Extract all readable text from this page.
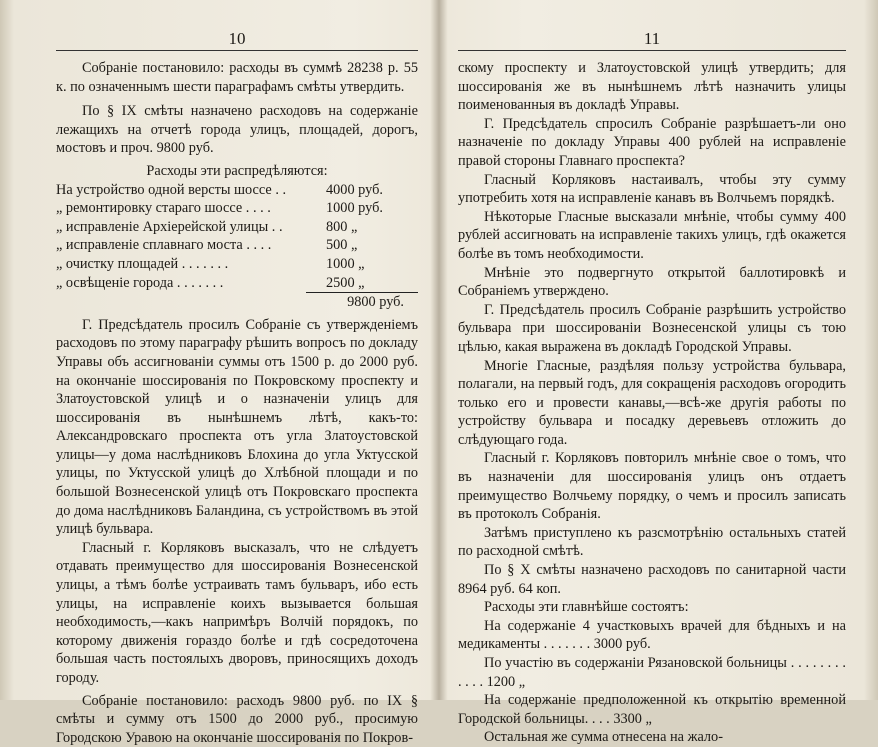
10

Собраніе постановило: расходы въ суммѣ 28238 р. 55 к. по означеннымъ шести параграфамъ смѣты утвердить.

По § IX смѣты назначено расходовъ на содержаніе лежащихъ на отчетѣ города улицъ, площадей, дорогъ, мостовъ и проч. 9800 руб.

Расходы эти распредѣляются:

На устройство одной версты шоссе . .	4000 руб.
„ ремонтировку стараго шоссе . . . .	1000 руб.
„ исправленіе Архіерейской улицы . .	800 „
„ исправленіе сплавнаго моста . . . .	500 „
„ очистку площадей . . . . . . .	1000 „
„ освѣщеніе города . . . . . . .	2500 „
9800 руб.

Г. Предсѣдатель просилъ Собраніе съ утвержденіемъ расходовъ по этому параграфу рѣшить вопросъ по докладу Управы объ ассигнованіи суммы отъ 1500 р. до 2000 руб. на окончаніе шоссированія по Покровскому проспекту и Златоустовской улицѣ и о назначеніи улицъ для шоссированія въ нынѣшнемъ лѣтѣ, какъ-то: Александровскаго проспекта отъ угла Златоустовской улицы—у дома наслѣдниковъ Блохина до угла Уктусской улицы, по Уктусской улицѣ до Хлѣбной площади и по большой Вознесенской улицѣ отъ Покровскаго проспекта до дома наслѣдниковъ Баландина, съ устройствомъ въ этой улицѣ бульвара.

Гласный г. Корляковъ высказалъ, что не слѣдуетъ отдавать преимущество для шоссированія Вознесенской улицы, а тѣмъ болѣе устраивать тамъ бульваръ, ибо есть улицы, на исправленіе коихъ вызывается большая необходимость,—какъ напримѣръ Волчій порядокъ, по которому движенія гораздо болѣе и гдѣ сосредоточена большая часть постоялыхъ дворовъ, приносящихъ доходъ городу.

Собраніе постановило: расходъ 9800 руб. по IX § смѣты и сумму отъ 1500 до 2000 руб., просимую Городскою Уравою на окончаніе шоссированія по Покров-

11

скому проспекту и Златоустовской улицѣ утвердить; для шоссированія же въ нынѣшнемъ лѣтѣ назначить улицы поименованныя въ докладѣ Управы.

Г. Предсѣдатель спросилъ Собраніе разрѣшаетъ-ли оно назначеніе по докладу Управы 400 рублей на исправленіе правой стороны Главнаго проспекта?

Гласный Корляковъ настаивалъ, чтобы эту сумму употребить хотя на исправленіе канавъ въ Волчьемъ порядкѣ.

Нѣкоторые Гласные высказали мнѣніе, чтобы сумму 400 рублей ассигновать на исправленіе такихъ улицъ, гдѣ окажется болѣе въ томъ необходимости.

Мнѣніе это подвергнуто открытой баллотировкѣ и Собраніемъ утверждено.

Г. Предсѣдатель просилъ Собраніе разрѣшить устройство бульвара при шоссированіи Вознесенской улицы съ тою цѣлью, какая выражена въ докладѣ Городской Управы.

Многіе Гласные, раздѣляя пользу устройства бульвара, полагали, на первый годъ, для сокращенія расходовъ огородить только его и провести канавы,—всѣ-же другія работы по устройству бульвара и посадку деревьевъ отложить до слѣдующаго года.

Гласный г. Корляковъ повторилъ мнѣніе свое о томъ, что въ назначеніи для шоссированія улицъ онъ отдаетъ преимущество Волчьему порядку, о чемъ и просилъ записать въ протоколъ Собранія.

Затѣмъ приступлено къ разсмотрѣнію остальныхъ статей по расходной смѣтѣ.

По § X смѣты назначено расходовъ по санитарной части 8964 руб. 64 коп.

Расходы эти главнѣйше состоятъ:

На содержаніе 4 участковыхъ врачей для бѣдныхъ и на медикаменты . . . . . . . 3000 руб.

По участію въ содержаніи Рязановской больницы . . . . . . . . . . . . 1200 „

На содержаніе предположенной къ открытію временной Городской больницы. . . . 3300 „

Остальная же сумма отнесена на жало-
